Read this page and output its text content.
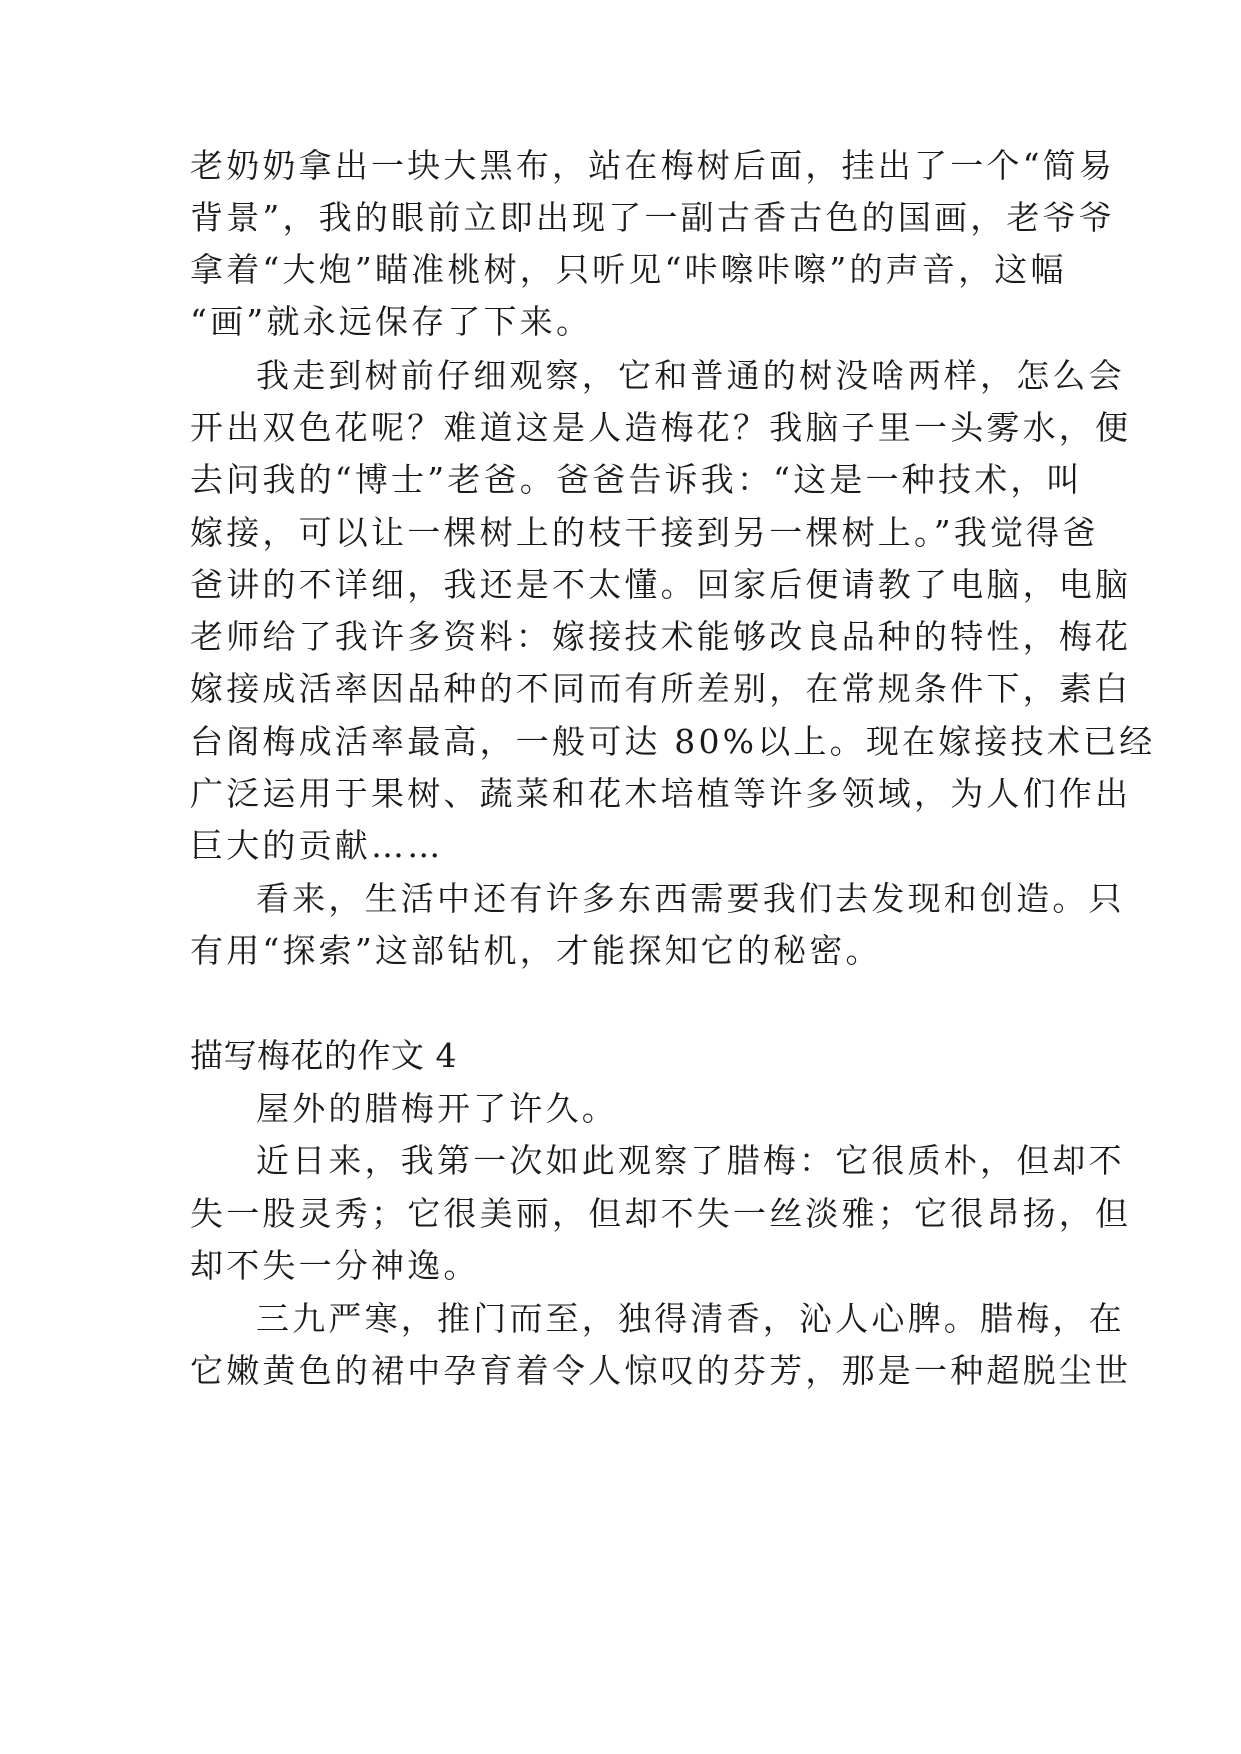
老奶奶拿出一块大黑布，站在梅树后面，挂出了一个“简易
背景”，我的眼前立即出现了一副古香古色的国画，老爷爷
拿着“大炮”瞄准桃树，只听见“咔嚓咔嚓”的声音，这幅
“画”就永远保存了下来。
我走到树前仔细观察，它和普通的树没啥两样，怎么会
开出双色花呢？难道这是人造梅花？我脑子里一头雾水，便
去问我的“博士”老爸。爸爸告诉我：“这是一种技术，叫
嫁接，可以让一棵树上的枝干接到另一棵树上。”我觉得爸
爸讲的不详细，我还是不太懂。回家后便请教了电脑，电脑
老师给了我许多资料：嫁接技术能够改良品种的特性，梅花
嫁接成活率因品种的不同而有所差别，在常规条件下，素白
台阁梅成活率最高，一般可达 80%以上。现在嫁接技术已经
广泛运用于果树、蔬菜和花木培植等许多领域，为人们作出
巨大的贡献……
看来，生活中还有许多东西需要我们去发现和创造。只
有用“探索”这部钻机，才能探知它的秘密。
描写梅花的作文 4
屋外的腊梅开了许久。
近日来，我第一次如此观察了腊梅：它很质朴，但却不
失一股灵秀；它很美丽，但却不失一丝淡雅；它很昂扬，但
却不失一分神逸。
三九严寒，推门而至，独得清香，沁人心脾。腊梅，在
它嫩黄色的裙中孕育着令人惊叹的芬芳，那是一种超脱尘世
